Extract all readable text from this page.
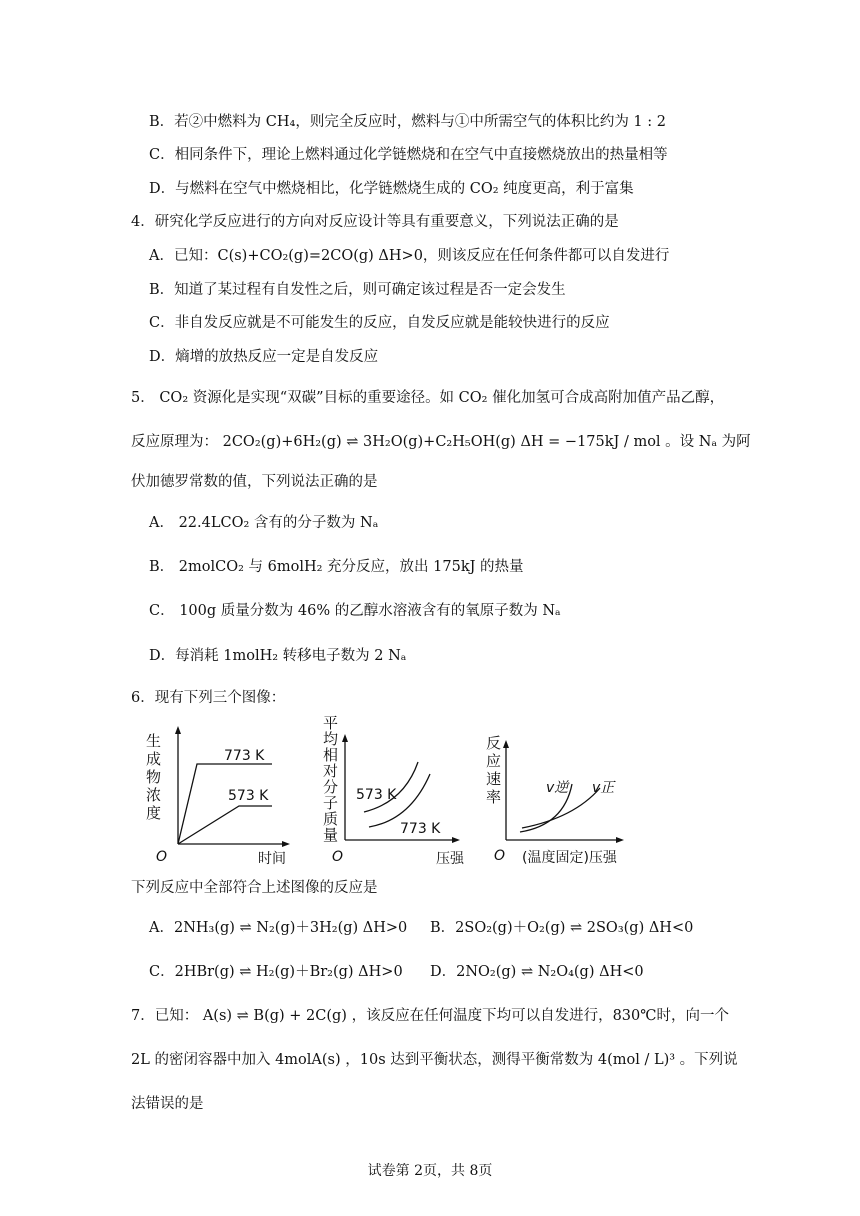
B．若②中燃料为 CH₄，则完全反应时，燃料与①中所需空气的体积比约为 1 : 2
C．相同条件下，理论上燃料通过化学链燃烧和在空气中直接燃烧放出的热量相等
D．与燃料在空气中燃烧相比，化学链燃烧生成的 CO₂ 纯度更高，利于富集
4．研究化学反应进行的方向对反应设计等具有重要意义，下列说法正确的是
A．已知：C(s)+CO₂(g)=2CO(g) ΔH>0，则该反应在任何条件都可以自发进行
B．知道了某过程有自发性之后，则可确定该过程是否一定会发生
C．非自发反应就是不可能发生的反应，自发反应就是能较快进行的反应
D．熵增的放热反应一定是自发反应
5． CO₂ 资源化是实现“双碳”目标的重要途径。如 CO₂ 催化加氢可合成高附加值产品乙醇，
反应原理为： 2CO₂(g)+6H₂(g) ⇌ 3H₂O(g)+C₂H₅OH(g) ΔH = −175kJ / mol 。设 Nₐ 为阿
伏加德罗常数的值，下列说法正确的是
A． 22.4LCO₂ 含有的分子数为 Nₐ
B． 2molCO₂ 与 6molH₂ 充分反应，放出 175kJ 的热量
C． 100g 质量分数为 46% 的乙醇水溶液含有的氧原子数为 Nₐ
D．每消耗 1molH₂ 转移电子数为 2 Nₐ
6．现有下列三个图像：
生
成
物
浓
度
773 K
573 K
O	时间
平
均
相
对
分
子
质
量
573 K
773 K
O	压强
反
应
速
率	v逆 v正
O (温度固定)压强
下列反应中全部符合上述图像的反应是
A．2NH₃(g) ⇌ N₂(g)＋3H₂(g) ΔH>0 B．2SO₂(g)＋O₂(g) ⇌ 2SO₃(g) ΔH<0
C．2HBr(g) ⇌ H₂(g)＋Br₂(g) ΔH>0 D．2NO₂(g) ⇌ N₂O₄(g) ΔH<0
7．已知： A(s) ⇌ B(g) + 2C(g) ，该反应在任何温度下均可以自发进行，830℃时，向一个
2L 的密闭容器中加入 4molA(s) ，10s 达到平衡状态，测得平衡常数为 4(mol / L)³ 。下列说
法错误的是
试卷第 2页，共 8页
